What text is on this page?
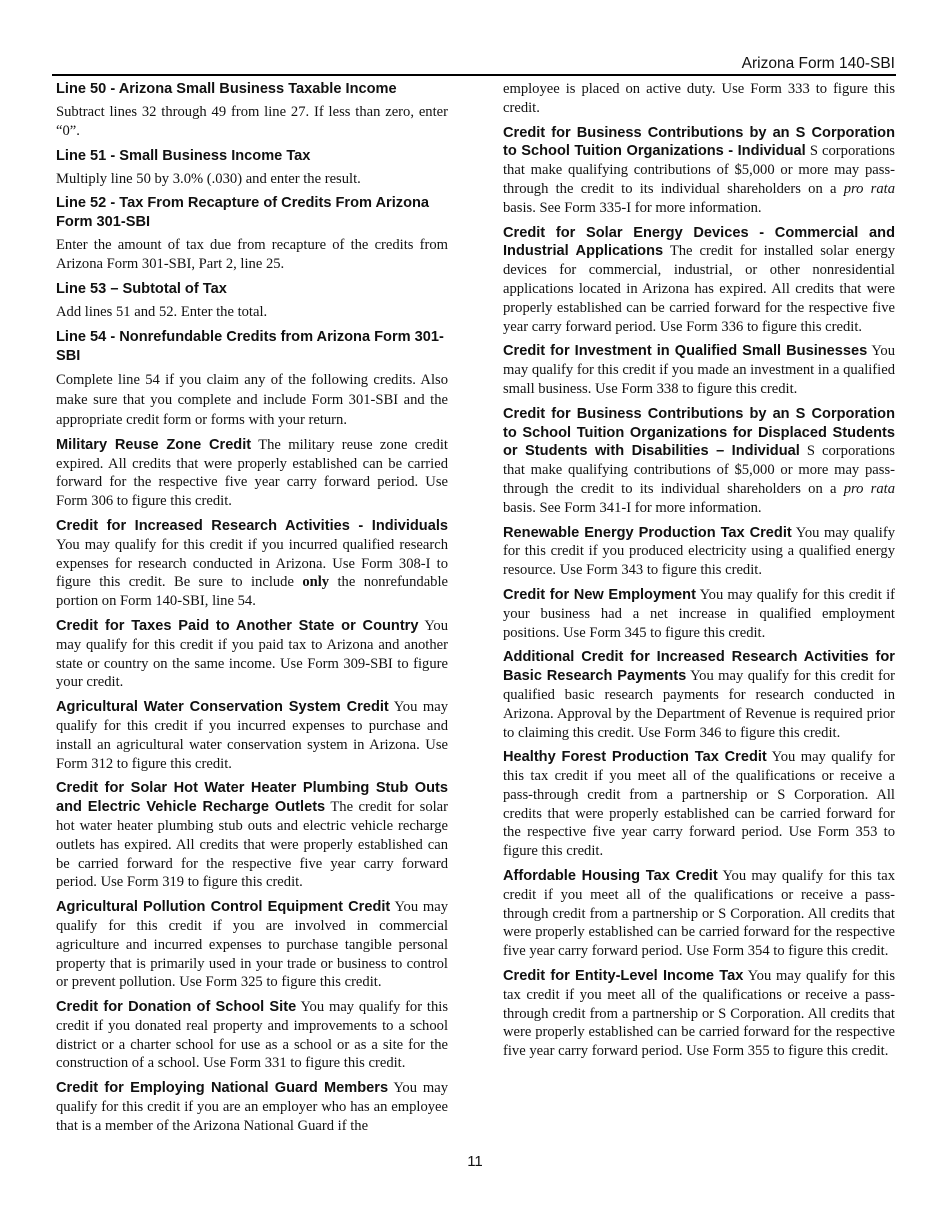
Arizona Form 140-SBI
Line 50 - Arizona Small Business Taxable Income

Subtract lines 32 through 49 from line 27. If less than zero, enter “0”.

Line 51 - Small Business Income Tax

Multiply line 50 by 3.0% (.030) and enter the result.

Line 52 - Tax From Recapture of Credits From Arizona Form 301-SBI

Enter the amount of tax due from recapture of the credits from Arizona Form 301-SBI, Part 2, line 25.

Line 53 – Subtotal of Tax

Add lines 51 and 52. Enter the total.

Line 54 - Nonrefundable Credits from Arizona Form 301-SBI

Complete line 54 if you claim any of the following credits. Also make sure that you complete and include Form 301-SBI and the appropriate credit form or forms with your return.

Military Reuse Zone Credit The military reuse zone credit expired. All credits that were properly established can be carried forward for the respective five year carry forward period. Use Form 306 to figure this credit.

Credit for Increased Research Activities - Individuals You may qualify for this credit if you incurred qualified research expenses for research conducted in Arizona. Use Form 308-I to figure this credit. Be sure to include only the nonrefundable portion on Form 140-SBI, line 54.

Credit for Taxes Paid to Another State or Country You may qualify for this credit if you paid tax to Arizona and another state or country on the same income. Use Form 309-SBI to figure your credit.

Agricultural Water Conservation System Credit You may qualify for this credit if you incurred expenses to purchase and install an agricultural water conservation system in Arizona. Use Form 312 to figure this credit.

Credit for Solar Hot Water Heater Plumbing Stub Outs and Electric Vehicle Recharge Outlets The credit for solar hot water heater plumbing stub outs and electric vehicle recharge outlets has expired. All credits that were properly established can be carried forward for the respective five year carry forward period. Use Form 319 to figure this credit.

Agricultural Pollution Control Equipment Credit You may qualify for this credit if you are involved in commercial agriculture and incurred expenses to purchase tangible personal property that is primarily used in your trade or business to control or prevent pollution. Use Form 325 to figure this credit.

Credit for Donation of School Site You may qualify for this credit if you donated real property and improvements to a school district or a charter school for use as a school or as a site for the construction of a school. Use Form 331 to figure this credit.

Credit for Employing National Guard Members You may qualify for this credit if you are an employer who has an employee that is a member of the Arizona National Guard if the

employee is placed on active duty. Use Form 333 to figure this credit.

Credit for Business Contributions by an S Corporation to School Tuition Organizations - Individual S corporations that make qualifying contributions of $5,000 or more may pass-through the credit to its individual shareholders on a pro rata basis. See Form 335-I for more information.

Credit for Solar Energy Devices - Commercial and Industrial Applications The credit for installed solar energy devices for commercial, industrial, or other nonresidential applications located in Arizona has expired. All credits that were properly established can be carried forward for the respective five year carry forward period. Use Form 336 to figure this credit.

Credit for Investment in Qualified Small Businesses You may qualify for this credit if you made an investment in a qualified small business. Use Form 338 to figure this credit.

Credit for Business Contributions by an S Corporation to School Tuition Organizations for Displaced Students or Students with Disabilities – Individual S corporations that make qualifying contributions of $5,000 or more may pass-through the credit to its individual shareholders on a pro rata basis. See Form 341-I for more information.

Renewable Energy Production Tax Credit You may qualify for this credit if you produced electricity using a qualified energy resource. Use Form 343 to figure this credit.

Credit for New Employment You may qualify for this credit if your business had a net increase in qualified employment positions. Use Form 345 to figure this credit.

Additional Credit for Increased Research Activities for Basic Research Payments You may qualify for this credit for qualified basic research payments for research conducted in Arizona. Approval by the Department of Revenue is required prior to claiming this credit. Use Form 346 to figure this credit.

Healthy Forest Production Tax Credit You may qualify for this tax credit if you meet all of the qualifications or receive a pass-through credit from a partnership or S Corporation. All credits that were properly established can be carried forward for the respective five year carry forward period. Use Form 353 to figure this credit.

Affordable Housing Tax Credit You may qualify for this tax credit if you meet all of the qualifications or receive a pass-through credit from a partnership or S Corporation. All credits that were properly established can be carried forward for the respective five year carry forward period. Use Form 354 to figure this credit.

Credit for Entity-Level Income Tax You may qualify for this tax credit if you meet all of the qualifications or receive a pass-through credit from a partnership or S Corporation. All credits that were properly established can be carried forward for the respective five year carry forward period. Use Form 355 to figure this credit.

11
